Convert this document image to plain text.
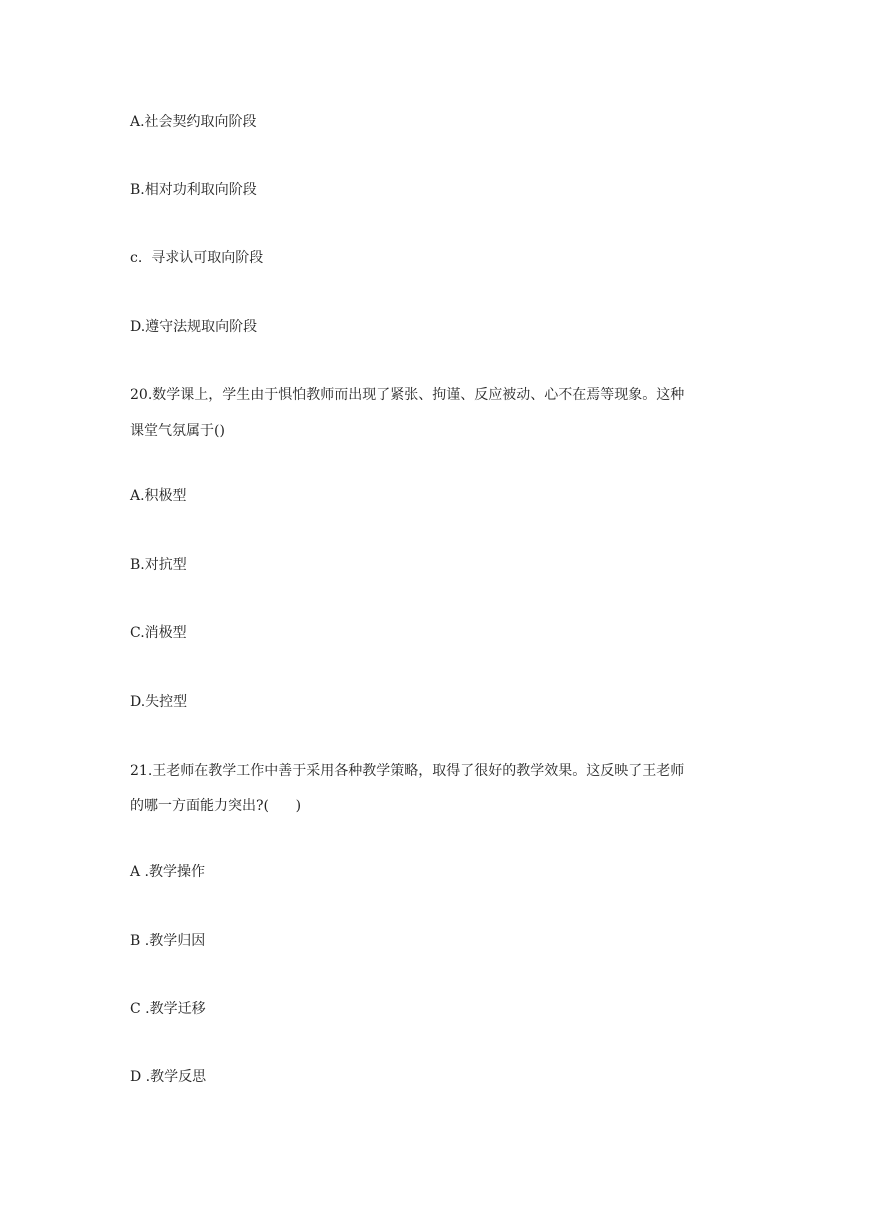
A.社会契约取向阶段

B.相对功利取向阶段

c.  寻求认可取向阶段

D.遵守法规取向阶段

20.数学课上，学生由于惧怕教师而出现了紧张、拘谨、反应被动、心不在焉等现象。这种

课堂气氛属于()

A.积极型

B.对抗型

C.消极型

D.失控型

21.王老师在教学工作中善于采用各种教学策略，取得了很好的教学效果。这反映了王老师

的哪一方面能力突出?(      )

A .教学操作

B .教学归因

C .教学迁移

D .教学反思
